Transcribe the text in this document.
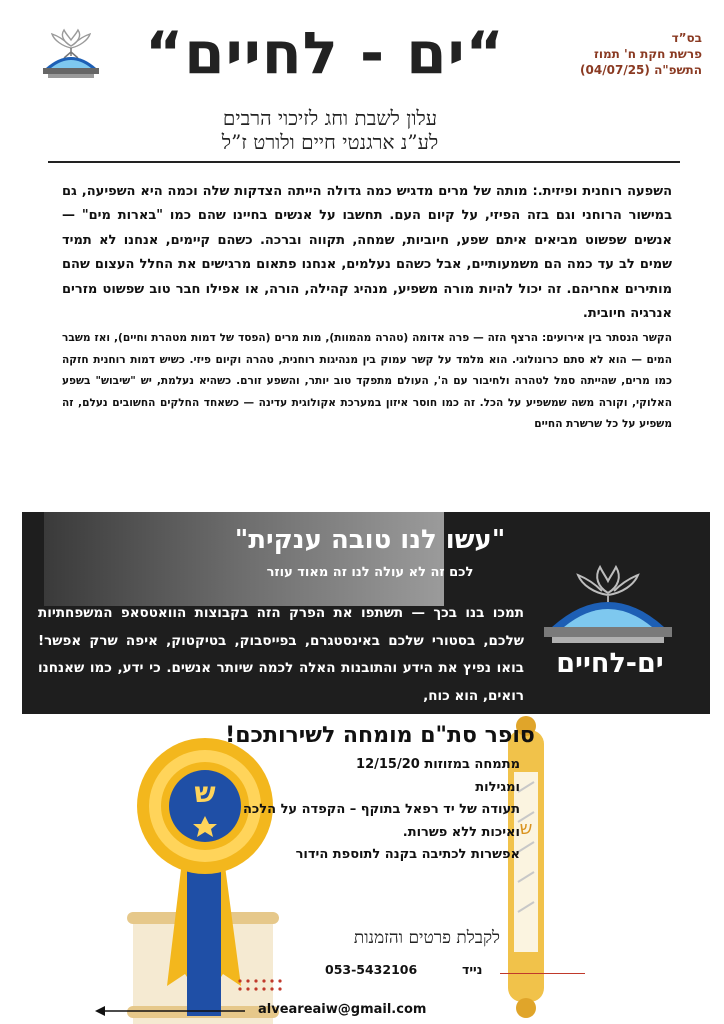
“ים - לחיים“	בס”ד
פרשת חקת ח' תמוז
התשפ"ה (04/07/25)
עלון לשבת וחג לזיכוי הרבים
לע”נ ארגנטי חיים ולורט ז”ל

השפעה רוחנית ופיזית.: מותה של מרים מדגיש כמה גדולה הייתה הצדקות שלה וכמה היא השפיעה, גם במישור הרוחני וגם בזה הפיזי, על קיום העם. תחשבו על אנשים בחיינו שהם כמו "בארות מים" — אנשים שפשוט מביאים איתם שפע, חיוביות, שמחה, תקווה וברכה. כשהם קיימים, אנחנו לא תמיד שמים לב עד כמה הם משמעותיים, אבל כשהם נעלמים, אנחנו פתאום מרגישים את החלל העצום שהם מותירים אחריהם. זה יכול להיות מורה משפיע, מנהיג קהילה, הורה, או אפילו חבר טוב שפשוט מזרים אנרגיה חיובית.

הקשר הנסתר בין אירועים: הרצף הזה — פרה אדומה (טהרה מהמוות), מות מרים (הפסד של דמות מטהרת וחיים), ואז משבר המים — הוא לא סתם כרונולוגי. הוא מלמד על קשר עמוק בין מנהיגות רוחנית, טהרה וקיום פיזי. כשיש דמות רוחנית חזקה כמו מרים, שהייתה סמל לטהרה ולחיבור עם ה', העולם מתפקד טוב יותר, והשפע זורם. כשהיא נעלמת, יש "שיבוש" בשפע האלוקי, וקורה משה שמשפיע על הכל. זה כמו חוסר איזון במערכת אקולוגית עדינה — כשאחד החלקים החשובים נעלם, זה משפיע על כל שרשרת החיים

"עשו לנו טובה ענקית"
לכם זה לא עולה לנו זה מאוד עוזר
תמכו בנו בכך — תשתפו את הפרק הזה בקבוצות הוואטסאפ המשפחתיות שלכם, בסטורי שלכם באינסטגרם, בפייסבוק, בטיקטוק, איפה שרק אפשר! בואו נפיץ את הידע והתובנות האלה לכמה שיותר אנשים. כי ידע, כמו שאנחנו רואים, הוא כוח,
ים-לחיים
ש
ש
סופר סת"ם מומחה לשירותכם!
מתמחה במזוזות 12/15/20
ומגילות
תעודה של יד רפאל בתוקף – הקפדה על הלכה
ואיכות ללא פשרות.
אפשרות לכתיבה בקנה לתוספת הידור
לקבלת פרטים והזמנות
053-5432106	נייד
alveareaiw@gmail.com
